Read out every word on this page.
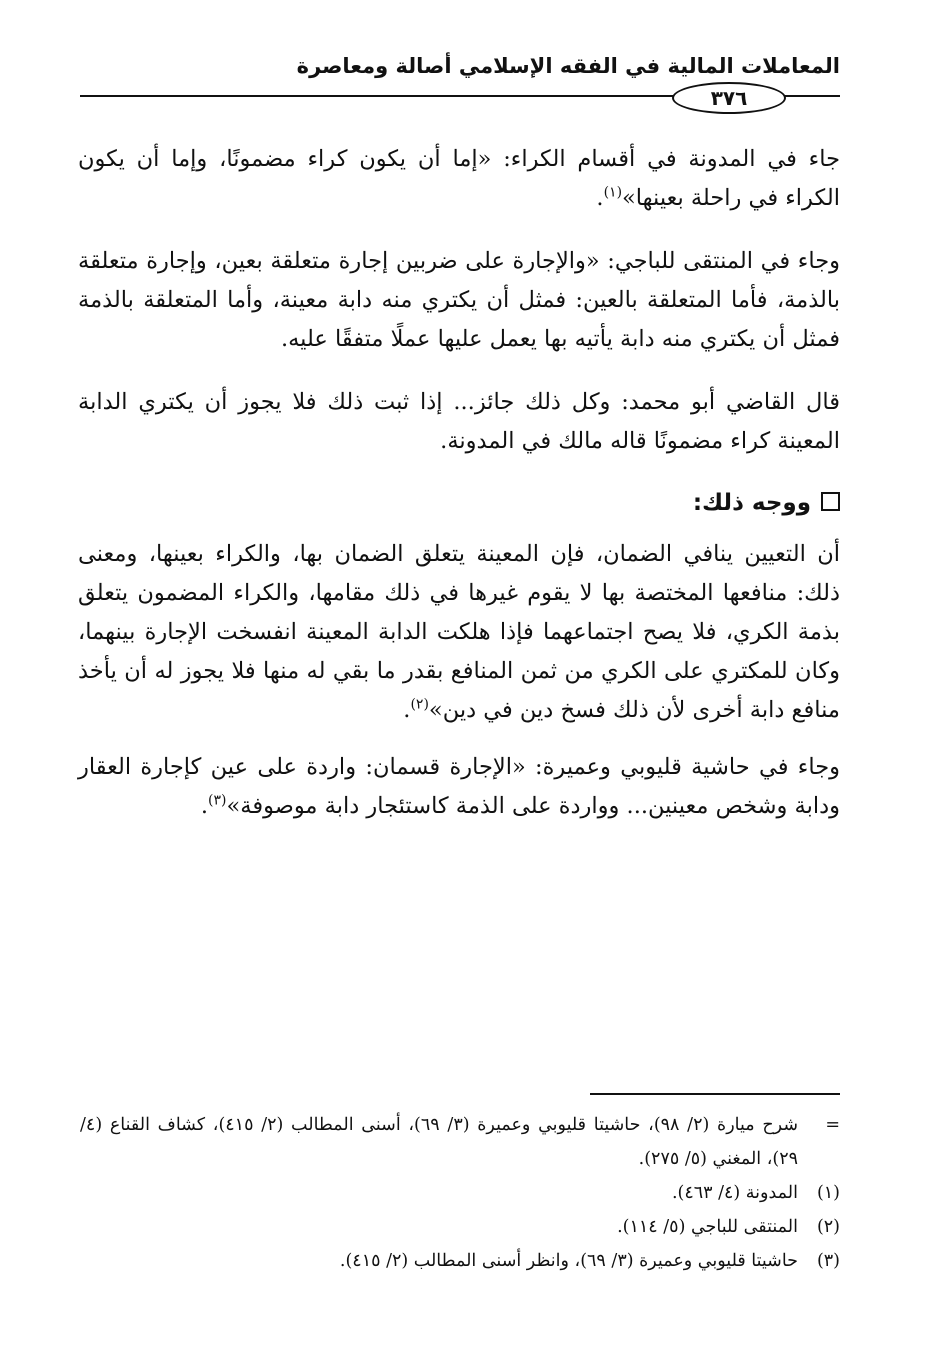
المعاملات المالية في الفقه الإسلامي أصالة ومعاصرة
٣٧٦

جاء في المدونة في أقسام الكراء: «إما أن يكون كراء مضمونًا، وإما أن يكون الكراء في راحلة بعينها»$^{(١)}$.

وجاء في المنتقى للباجي: «والإجارة على ضربين إجارة متعلقة بعين، وإجارة متعلقة بالذمة، فأما المتعلقة بالعين: فمثل أن يكتري منه دابة معينة، وأما المتعلقة بالذمة فمثل أن يكتري منه دابة يأتيه بها يعمل عليها عملًا متفقًا عليه.

قال القاضي أبو محمد: وكل ذلك جائز... إذا ثبت ذلك فلا يجوز أن يكتري الدابة المعينة كراء مضمونًا قاله مالك في المدونة.

ووجه ذلك:

أن التعيين ينافي الضمان، فإن المعينة يتعلق الضمان بها، والكراء بعينها، ومعنى ذلك: منافعها المختصة بها لا يقوم غيرها في ذلك مقامها، والكراء المضمون يتعلق بذمة الكري، فلا يصح اجتماعهما فإذا هلكت الدابة المعينة انفسخت الإجارة بينهما، وكان للمكتري على الكري من ثمن المنافع بقدر ما بقي له منها فلا يجوز له أن يأخذ منافع دابة أخرى لأن ذلك فسخ دين في دين»$^{(٢)}$.

وجاء في حاشية قليوبي وعميرة: «الإجارة قسمان: واردة على عين كإجارة العقار ودابة وشخص معينين... وواردة على الذمة كاستئجار دابة موصوفة»$^{(٣)}$.

=
شرح ميارة (٢/ ٩٨)، حاشيتا قليوبي وعميرة (٣/ ٦٩)، أسنى المطالب (٢/ ٤١٥)، كشاف القناع (٤/ ٢٩)، المغني (٥/ ٢٧٥).
(١)
المدونة (٤/ ٤٦٣).
(٢)
المنتقى للباجي (٥/ ١١٤).
(٣)
حاشيتا قليوبي وعميرة (٣/ ٦٩)، وانظر أسنى المطالب (٢/ ٤١٥).
